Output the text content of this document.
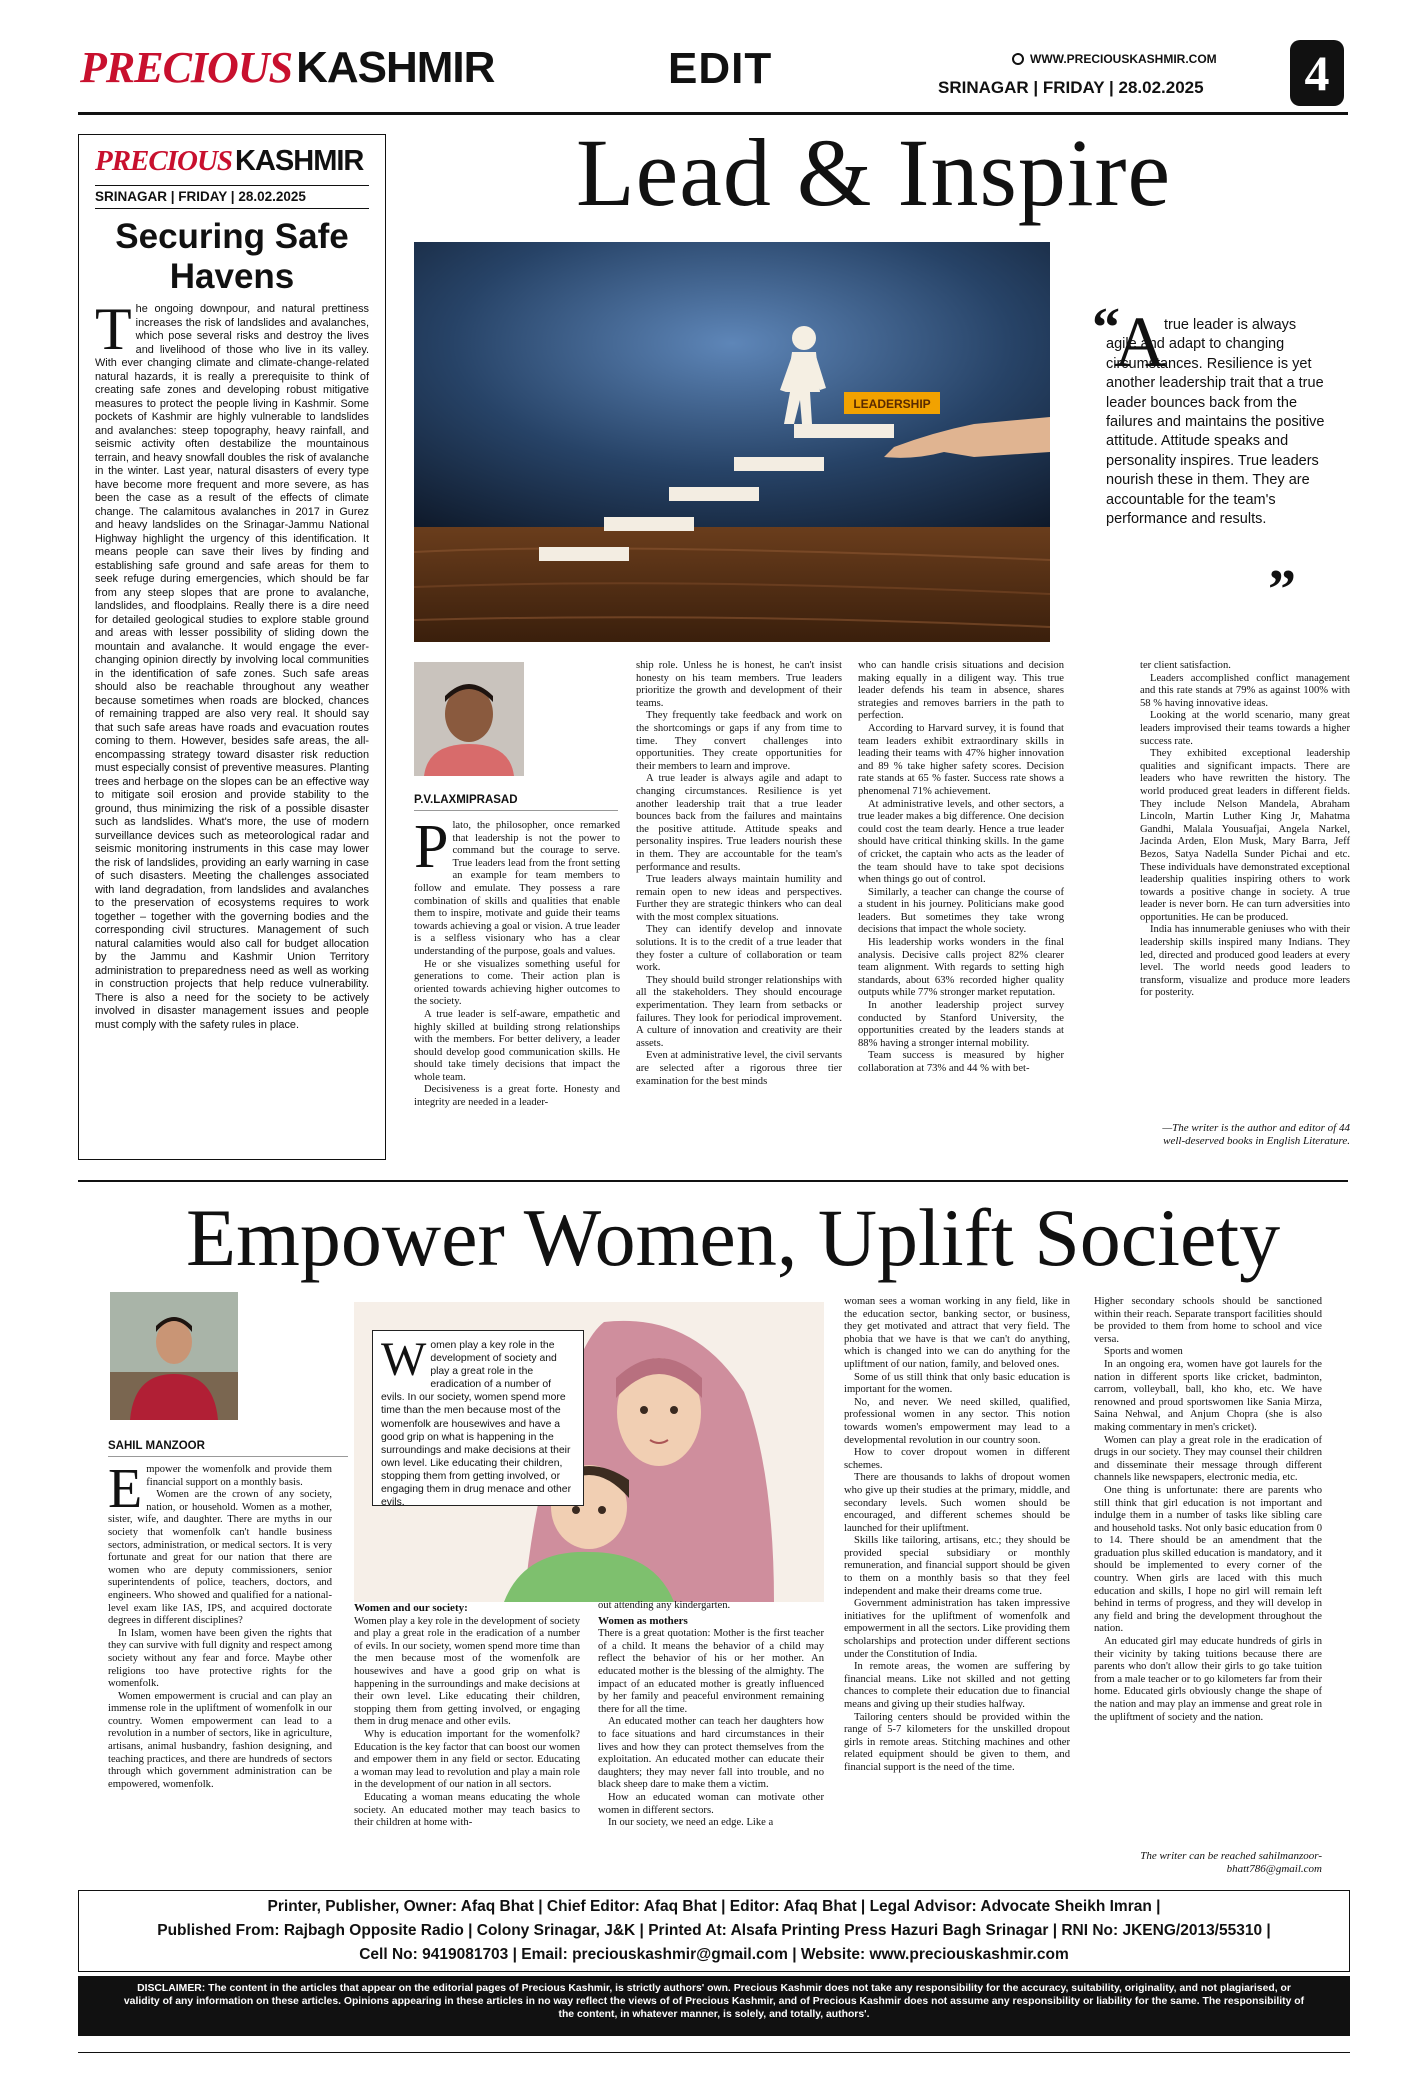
PRECIOUSKASHMIR	EDIT	WWW.PRECIOUSKASHMIR.COM
SRINAGAR | FRIDAY | 28.02.2025 4
PRECIOUS KASHMIR
SRINAGAR | FRIDAY | 28.02.2025
Securing Safe Havens
The ongoing downpour, and natural prettiness increases the risk of landslides and avalanches, which pose several risks and destroy the lives and livelihood of those who live in its valley. With ever changing climate and climate-change-related natural hazards, it is really a prerequisite to think of creating safe zones and developing robust mitigative measures to protect the people living in Kashmir. Some pockets of Kashmir are highly vulnerable to landslides and avalanches: steep topography, heavy rainfall, and seismic activity often destabilize the mountainous terrain, and heavy snowfall doubles the risk of avalanche in the winter. Last year, natural disasters of every type have become more frequent and more severe, as has been the case as a result of the effects of climate change. The calamitous avalanches in 2017 in Gurez and heavy landslides on the Srinagar-Jammu National Highway highlight the urgency of this identification. It means people can save their lives by finding and establishing safe ground and safe areas for them to seek refuge during emergencies, which should be far from any steep slopes that are prone to avalanche, landslides, and floodplains. Really there is a dire need for detailed geological studies to explore stable ground and areas with lesser possibility of sliding down the mountain and avalanche. It would engage the ever-changing opinion directly by involving local communities in the identification of safe zones. Such safe areas should also be reachable throughout any weather because sometimes when roads are blocked, chances of remaining trapped are also very real. It should say that such safe areas have roads and evacuation routes coming to them. However, besides safe areas, the all-encompassing strategy toward disaster risk reduction must especially consist of preventive measures. Planting trees and herbage on the slopes can be an effective way to mitigate soil erosion and provide stability to the ground, thus minimizing the risk of a possible disaster such as landslides. What's more, the use of modern surveillance devices such as meteorological radar and seismic monitoring instruments in this case may lower the risk of landslides, providing an early warning in case of such disasters. Meeting the challenges associated with land degradation, from landslides and avalanches to the preservation of ecosystems requires to work together – together with the governing bodies and the corresponding civil structures. Management of such natural calamities would also call for budget allocation by the Jammu and Kashmir Union Territory administration to preparedness need as well as working in construction projects that help reduce vulnerability. There is also a need for the society to be actively involved in disaster management issues and people must comply with the safety rules in place.
Lead & Inspire
LEADERSHIP
“
A
true leader is always agile and adapt to changing circumstances. Resilience is yet another leadership trait that a true leader bounces back from the failures and maintains the positive attitude. Attitude speaks and personality inspires. True leaders nourish these in them. They are accountable for the team's performance and results.
”
P.V.LAXMIPRASAD
P lato, the philosopher, once remarked that leadership is not the power to command but the courage to serve. True leaders lead from the front setting an example for team members to follow and emulate. They possess a rare combination of skills and qualities that enable them to inspire, motivate and guide their teams towards achieving a goal or vision. A true leader is a selfless visionary who has a clear understanding of the purpose, goals and values.

He or she visualizes something useful for generations to come. Their action plan is oriented towards achieving higher outcomes to the society.

A true leader is self-aware, empathetic and highly skilled at building strong relationships with the members. For better delivery, a leader should develop good communication skills. He should take timely decisions that impact the whole team.

Decisiveness is a great forte. Honesty and integrity are needed in a leader-

ship role. Unless he is honest, he can't insist honesty on his team members. True leaders prioritize the growth and development of their teams.

They frequently take feedback and work on the shortcomings or gaps if any from time to time. They convert challenges into opportunities. They create opportunities for their members to learn and improve.

A true leader is always agile and adapt to changing circumstances. Resilience is yet another leadership trait that a true leader bounces back from the failures and maintains the positive attitude. Attitude speaks and personality inspires. True leaders nourish these in them. They are accountable for the team's performance and results.

True leaders always maintain humility and remain open to new ideas and perspectives. Further they are strategic thinkers who can deal with the most complex situations.

They can identify develop and innovate solutions. It is to the credit of a true leader that they foster a culture of collaboration or team work.

They should build stronger relationships with all the stakeholders. They should encourage experimentation. They learn from setbacks or failures. They look for periodical improvement. A culture of innovation and creativity are their assets.

Even at administrative level, the civil servants are selected after a rigorous three tier examination for the best minds

who can handle crisis situations and decision making equally in a diligent way. This true leader defends his team in absence, shares strategies and removes barriers in the path to perfection.

According to Harvard survey, it is found that team leaders exhibit extraordinary skills in leading their teams with 47% higher innovation and 89 % take higher safety scores. Decision rate stands at 65 % faster. Success rate shows a phenomenal 71% achievement.

At administrative levels, and other sectors, a true leader makes a big difference. One decision could cost the team dearly. Hence a true leader should have critical thinking skills. In the game of cricket, the captain who acts as the leader of the team should have to take spot decisions when things go out of control.

Similarly, a teacher can change the course of a student in his journey. Politicians make good leaders. But sometimes they take wrong decisions that impact the whole society.

His leadership works wonders in the final analysis. Decisive calls project 82% clearer team alignment. With regards to setting high standards, about 63% recorded higher quality outputs while 77% stronger market reputation.

In another leadership project survey conducted by Stanford University, the opportunities created by the leaders stands at 88% having a stronger internal mobility.

Team success is measured by higher collaboration at 73% and 44 % with bet-

ter client satisfaction.

Leaders accomplished conflict management and this rate stands at 79% as against 100% with 58 % having innovative ideas.

Looking at the world scenario, many great leaders improvised their teams towards a higher success rate.

They exhibited exceptional leadership qualities and significant impacts. There are leaders who have rewritten the history. The world produced great leaders in different fields. They include Nelson Mandela, Abraham Lincoln, Martin Luther King Jr, Mahatma Gandhi, Malala Yousuafjai, Angela Narkel, Jacinda Arden, Elon Musk, Mary Barra, Jeff Bezos, Satya Nadella Sunder Pichai and etc. These individuals have demonstrated exceptional leadership qualities inspiring others to work towards a positive change in society. A true leader is never born. He can turn adversities into opportunities. He can be produced.

India has innumerable geniuses who with their leadership skills inspired many Indians. They led, directed and produced good leaders at every level. The world needs good leaders to transform, visualize and produce more leaders for posterity.

—The writer is the author and editor of 44 well-deserved books in English Literature.
Empower Women, Uplift Society
SAHIL MANZOOR
Women play a key role in the development of society and play a great role in the eradication of a number of evils. In our society, women spend more time than the men because most of the womenfolk are housewives and have a good grip on what is happening in the surroundings and make decisions at their own level. Like educating their children, stopping them from getting involved, or engaging them in drug menace and other evils.
E mpower the womenfolk and provide them financial support on a monthly basis.

Women are the crown of any society, nation, or household. Women as a mother, sister, wife, and daughter. There are myths in our society that womenfolk can't handle business sectors, administration, or medical sectors. It is very fortunate and great for our nation that there are women who are deputy commissioners, senior superintendents of police, teachers, doctors, and engineers. Who showed and qualified for a national-level exam like IAS, IPS, and acquired doctorate degrees in different disciplines?

In Islam, women have been given the rights that they can survive with full dignity and respect among society without any fear and force. Maybe other religions too have protective rights for the womenfolk.

Women empowerment is crucial and can play an immense role in the upliftment of womenfolk in our country. Women empowerment can lead to a revolution in a number of sectors, like in agriculture, artisans, animal husbandry, fashion designing, and teaching practices, and there are hundreds of sectors through which government administration can be empowered, womenfolk.

Women and our society:

Women play a key role in the development of society and play a great role in the eradication of a number of evils. In our society, women spend more time than the men because most of the womenfolk are housewives and have a good grip on what is happening in the surroundings and make decisions at their own level. Like educating their children, stopping them from getting involved, or engaging them in drug menace and other evils.

Why is education important for the womenfolk? Education is the key factor that can boost our women and empower them in any field or sector. Educating a woman may lead to revolution and play a main role in the development of our nation in all sectors.

Educating a woman means educating the whole society. An educated mother may teach basics to their children at home with-

out attending any kindergarten.

Women as mothers

There is a great quotation: Mother is the first teacher of a child. It means the behavior of a child may reflect the behavior of his or her mother. An educated mother is the blessing of the almighty. The impact of an educated mother is greatly influenced by her family and peaceful environment remaining there for all the time.

An educated mother can teach her daughters how to face situations and hard circumstances in their lives and how they can protect themselves from the exploitation. An educated mother can educate their daughters; they may never fall into trouble, and no black sheep dare to make them a victim.

How an educated woman can motivate other women in different sectors.

In our society, we need an edge. Like a

woman sees a woman working in any field, like in the education sector, banking sector, or business, they get motivated and attract that very field. The phobia that we have is that we can't do anything, which is changed into we can do anything for the upliftment of our nation, family, and beloved ones.

Some of us still think that only basic education is important for the women.

No, and never. We need skilled, qualified, professional women in any sector. This notion towards women's empowerment may lead to a developmental revolution in our country soon.

How to cover dropout women in different schemes.

There are thousands to lakhs of dropout women who give up their studies at the primary, middle, and secondary levels. Such women should be encouraged, and different schemes should be launched for their upliftment.

Skills like tailoring, artisans, etc.; they should be provided special subsidiary or monthly remuneration, and financial support should be given to them on a monthly basis so that they feel independent and make their dreams come true.

Government administration has taken impressive initiatives for the upliftment of womenfolk and empowerment in all the sectors. Like providing them scholarships and protection under different sections under the Constitution of India.

In remote areas, the women are suffering by financial means. Like not skilled and not getting chances to complete their education due to financial means and giving up their studies halfway.

Tailoring centers should be provided within the range of 5-7 kilometers for the unskilled dropout girls in remote areas. Stitching machines and other related equipment should be given to them, and financial support is the need of the time.

Higher secondary schools should be sanctioned within their reach. Separate transport facilities should be provided to them from home to school and vice versa.

Sports and women

In an ongoing era, women have got laurels for the nation in different sports like cricket, badminton, carrom, volleyball, ball, kho kho, etc. We have renowned and proud sportswomen like Sania Mirza, Saina Nehwal, and Anjum Chopra (she is also making commentary in men's cricket).

Women can play a great role in the eradication of drugs in our society. They may counsel their children and disseminate their message through different channels like newspapers, electronic media, etc.

One thing is unfortunate: there are parents who still think that girl education is not important and indulge them in a number of tasks like sibling care and household tasks. Not only basic education from 0 to 14. There should be an amendment that the graduation plus skilled education is mandatory, and it should be implemented to every corner of the country. When girls are laced with this much education and skills, I hope no girl will remain left behind in terms of progress, and they will develop in any field and bring the development throughout the nation.

An educated girl may educate hundreds of girls in their vicinity by taking tuitions because there are parents who don't allow their girls to go take tuition from a male teacher or to go kilometers far from their home. Educated girls obviously change the shape of the nation and may play an immense and great role in the upliftment of society and the nation.

The writer can be reached sahilmanzoor-bhatt786@gmail.com
Printer, Publisher, Owner: Afaq Bhat | Chief Editor: Afaq Bhat | Editor: Afaq Bhat | Legal Advisor: Advocate Sheikh Imran |
Published From: Rajbagh Opposite Radio | Colony Srinagar, J&K | Printed At: Alsafa Printing Press Hazuri Bagh Srinagar | RNI No: JKENG/2013/55310 |
Cell No: 9419081703 | Email: preciouskashmir@gmail.com | Website: www.preciouskashmir.com
DISCLAIMER: The content in the articles that appear on the editorial pages of Precious Kashmir, is strictly authors' own. Precious Kashmir does not take any responsibility for the accuracy, suitability, originality, and not plagiarised, or validity of any information on these articles. Opinions appearing in these articles in no way reflect the views of of Precious Kashmir, and of Precious Kashmir does not assume any responsibility or liability for the same. The responsibility of the content, in whatever manner, is solely, and totally, authors'.
